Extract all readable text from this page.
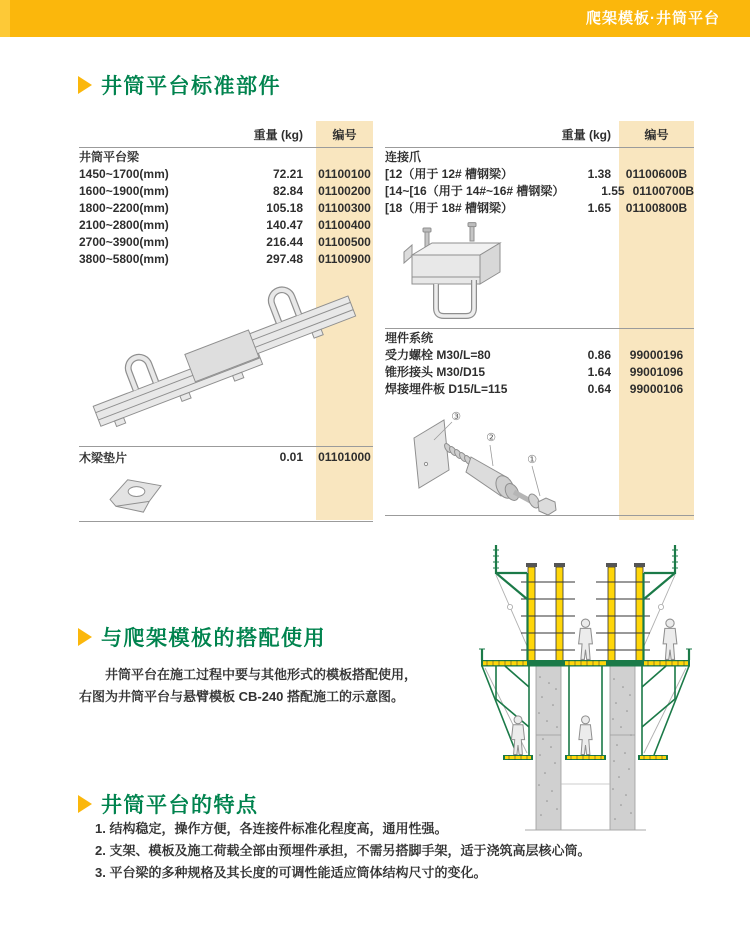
爬架模板·井筒平台
井筒平台标准部件
重量 (kg)	编号
井筒平台梁
1450~1700(mm)	72.21	01100100
1600~1900(mm)	82.84	01100200
1800~2200(mm)	105.18	01100300
2100~2800(mm)	140.47	01100400
2700~3900(mm)	216.44	01100500
3800~5800(mm)	297.48	01100900
木梁垫片	0.01	01101000
重量 (kg)	编号
连接爪
[12（用于 12# 槽钢梁）	1.38	01100600B
[14~[16（用于 14#~16# 槽钢梁）	1.55 01100700B
[18（用于 18# 槽钢梁）	1.65	01100800B
埋件系统
受力螺栓 M30/L=80	0.86	99000196
锥形接头 M30/D15	1.64	99001096
焊接埋件板 D15/L=115	0.64	99000106
③
②
①
与爬架模板的搭配使用
井筒平台在施工过程中要与其他形式的模板搭配使用，右图为井筒平台与悬臂模板 CB-240 搭配施工的示意图。
井筒平台的特点
1. 结构稳定，操作方便，各连接件标准化程度高，通用性强。
2. 支架、模板及施工荷载全部由预埋件承担，不需另搭脚手架，适于浇筑高层核心筒。
3. 平台梁的多种规格及其长度的可调性能适应筒体结构尺寸的变化。
